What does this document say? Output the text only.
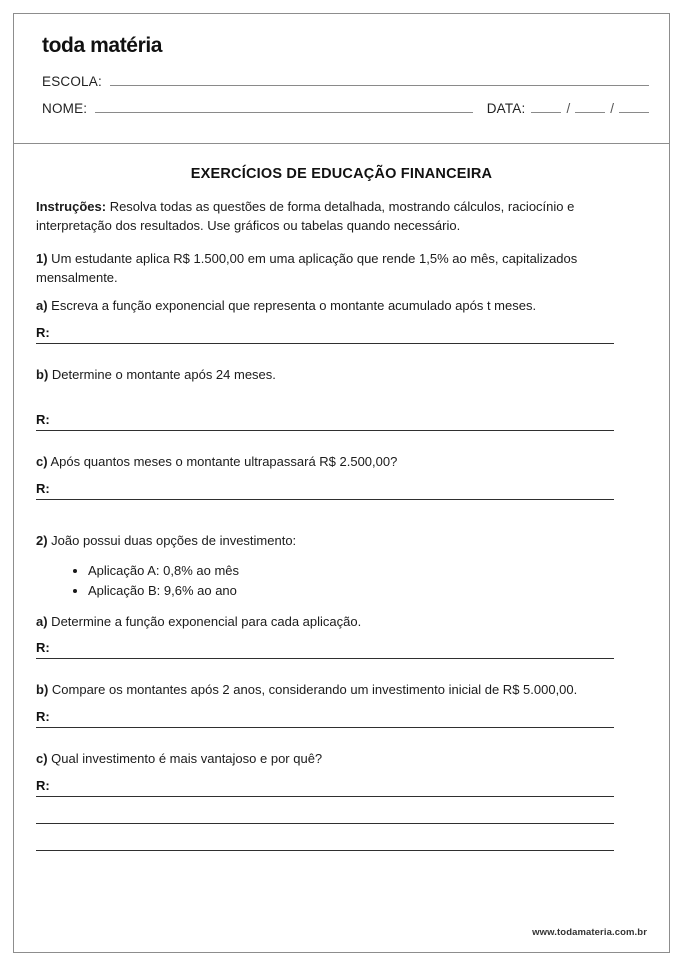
toda matéria
ESCOLA:
NOME:	DATA:	/	/
EXERCÍCIOS DE EDUCAÇÃO FINANCEIRA

Instruções: Resolva todas as questões de forma detalhada, mostrando cálculos, raciocínio e interpretação dos resultados. Use gráficos ou tabelas quando necessário.

1) Um estudante aplica R$ 1.500,00 em uma aplicação que rende 1,5% ao mês, capitalizados mensalmente.

a) Escreva a função exponencial que representa o montante acumulado após t meses.

R:

b) Determine o montante após 24 meses.

R:

c) Após quantos meses o montante ultrapassará R$ 2.500,00?

R:

2) João possui duas opções de investimento:

• Aplicação A: 0,8% ao mês
• Aplicação B: 9,6% ao ano

a) Determine a função exponencial para cada aplicação.

R:

b) Compare os montantes após 2 anos, considerando um investimento inicial de R$ 5.000,00.

R:

c) Qual investimento é mais vantajoso e por quê?

R:
www.todamateria.com.br
